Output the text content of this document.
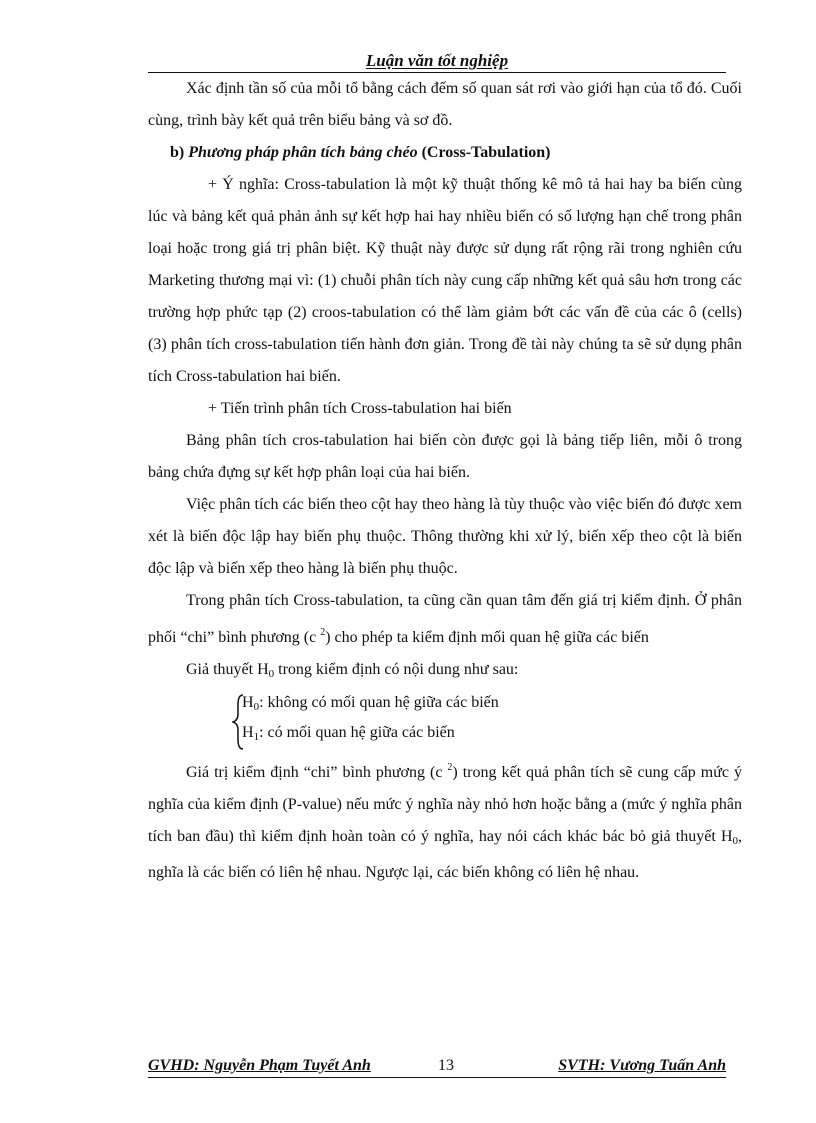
Luận văn tốt nghiệp

Xác định tần số của mỗi tổ bằng cách đếm số quan sát rơi vào giới hạn của tổ đó. Cuối cùng, trình bày kết quả trên biểu bảng và sơ đồ.

b) Phương pháp phân tích bảng chéo (Cross-Tabulation)

+ Ý nghĩa: Cross-tabulation là một kỹ thuật thống kê mô tả hai hay ba biến cùng lúc và bảng kết quả phản ảnh sự kết hợp hai hay nhiều biến có số lượng hạn chế trong phân loại hoặc trong giá trị phân biệt. Kỹ thuật này được sử dụng rất rộng rãi trong nghiên cứu Marketing thương mại vì: (1) chuỗi phân tích này cung cấp những kết quả sâu hơn trong các trường hợp phức tạp (2) croos-tabulation có thể làm giảm bớt các vấn đề của các ô (cells) (3) phân tích cross-tabulation tiến hành đơn giản. Trong đề tài này chúng ta sẽ sử dụng phân tích Cross-tabulation hai biến.

+ Tiến trình phân tích Cross-tabulation hai biến

Bảng phân tích cros-tabulation hai biến còn được gọi là bảng tiếp liên, mỗi ô trong bảng chứa đựng sự kết hợp phân loại của hai biến.

Việc phân tích các biến theo cột hay theo hàng là tùy thuộc vào việc biến đó được xem xét là biến độc lập hay biến phụ thuộc. Thông thường khi xử lý, biến xếp theo cột là biến độc lập và biến xếp theo hàng là biến phụ thuộc.

Trong phân tích Cross-tabulation, ta cũng cần quan tâm đến giá trị kiểm định. Ở phân phối “chi” bình phương (c $^2$) cho phép ta kiểm định mối quan hệ giữa các biến

Giả thuyết $H_0$ trong kiểm định có nội dung như sau:

$H_0$: không có mối quan hệ giữa các biến
$H_1$: có mối quan hệ giữa các biến

Giá trị kiểm định “chi” bình phương (c $^2$) trong kết quả phân tích sẽ cung cấp mức ý nghĩa của kiểm định (P-value) nếu mức ý nghĩa này nhỏ hơn hoặc bằng a (mức ý nghĩa phân tích ban đầu) thì kiểm định hoàn toàn có ý nghĩa, hay nói cách khác bác bỏ giả thuyết $H_0$, nghĩa là các biến có liên hệ nhau. Ngược lại, các biến không có liên hệ nhau.

GVHD: Nguyễn Phạm Tuyết Anh	13	SVTH: Vương Tuấn Anh
